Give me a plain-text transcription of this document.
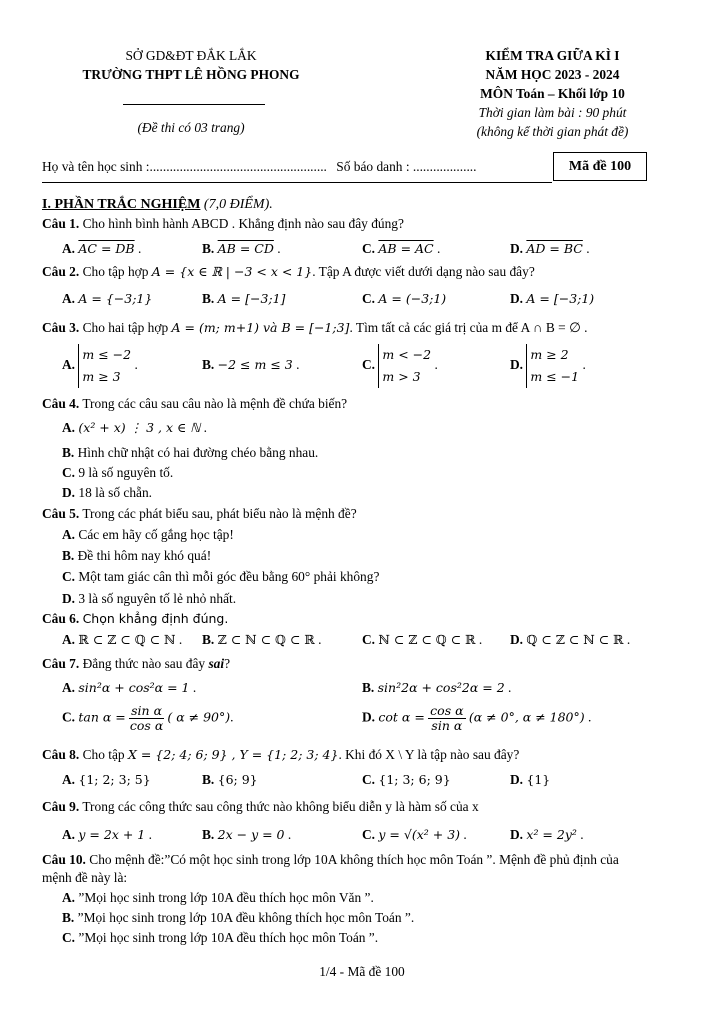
SỞ GD&ĐT ĐẮK LẮK
TRƯỜNG THPT LÊ HỒNG PHONG
(Đề thi có 03 trang)
KIỂM TRA GIỮA KÌ I
NĂM HỌC 2023 - 2024
MÔN Toán – Khối lớp 10
Thời gian làm bài : 90 phút
(không kể thời gian phát đề)
Họ và tên học sinh :..................................................... Số báo danh : ...................	Mã đề 100
I. PHẦN TRẮC NGHIỆM (7,0 ĐIỂM).
Câu 1. Cho hình bình hành ABCD . Khẳng định nào sau đây đúng?
A. AC = DB .	B. AB = CD .	C. AB = AC .	D. AD = BC .
Câu 2. Cho tập hợp A = {x ∈ ℝ | −3 < x < 1}. Tập A được viết dưới dạng nào sau đây?
A. A = {−3;1}	B. A = [−3;1]	C. A = (−3;1)	D. A = [−3;1)
Câu 3. Cho hai tập hợp A = (m; m+1) và B = [−1;3]. Tìm tất cả các giá trị của m để A ∩ B = ∅ .
A.
m ≤ −2
m ≥ 3
.	B. −2 ≤ m ≤ 3 .	C.
m < −2
m > 3
.	D.
m ≥ 2
m ≤ −1
.
Câu 4. Trong các câu sau câu nào là mệnh đề chứa biến?
A. (x² + x) ⋮ 3 , x ∈ ℕ .
B. Hình chữ nhật có hai đường chéo bằng nhau.
C. 9 là số nguyên tố.
D. 18 là số chẵn.
Câu 5. Trong các phát biểu sau, phát biểu nào là mệnh đề?
A. Các em hãy cố gắng học tập!
B. Đề thi hôm nay khó quá!
C. Một tam giác cân thì mỗi góc đều bằng 60° phải không?
D. 3 là số nguyên tố lẻ nhỏ nhất.
Câu 6. Chọn khẳng định đúng.
A. ℝ ⊂ ℤ ⊂ ℚ ⊂ ℕ . B. ℤ ⊂ ℕ ⊂ ℚ ⊂ ℝ .	C. ℕ ⊂ ℤ ⊂ ℚ ⊂ ℝ . D. ℚ ⊂ ℤ ⊂ ℕ ⊂ ℝ .
Câu 7. Đẳng thức nào sau đây sai?
A. sin²α + cos²α = 1 .	B. sin²2α + cos²2α = 2 .
C. $\tan \alpha = \frac{\text{sin α}}{\text{cos α}}$ ( α ≠ 90°).	D. $\cot \alpha = \frac{\text{cos α}}{\text{sin α}} (\alpha \ne 0^\circ$, α ≠ 180°) .
Câu 8. Cho tập X = {2; 4; 6; 9} , Y = {1; 2; 3; 4}. Khi đó X \ Y là tập nào sau đây?
A. {1; 2; 3; 5}	B. {6; 9}	C. {1; 3; 6; 9}	D. {1}
Câu 9. Trong các công thức sau công thức nào không biểu diễn y là hàm số của x
A. y = 2x + 1 .	B. 2x − y = 0 .	C. y = √(x² + 3) .	D. x² = 2y² .
Câu 10. Cho mệnh đề:”Có một học sinh trong lớp 10A không thích học môn Toán ”. Mệnh đề phủ định của
mệnh đề này là:
A. ”Mọi học sinh trong lớp 10A đều thích học môn Văn ”.
B. ”Mọi học sinh trong lớp 10A đều không thích học môn Toán ”.
C. ”Mọi học sinh trong lớp 10A đều thích học môn Toán ”.
1/4 - Mã đề 100
